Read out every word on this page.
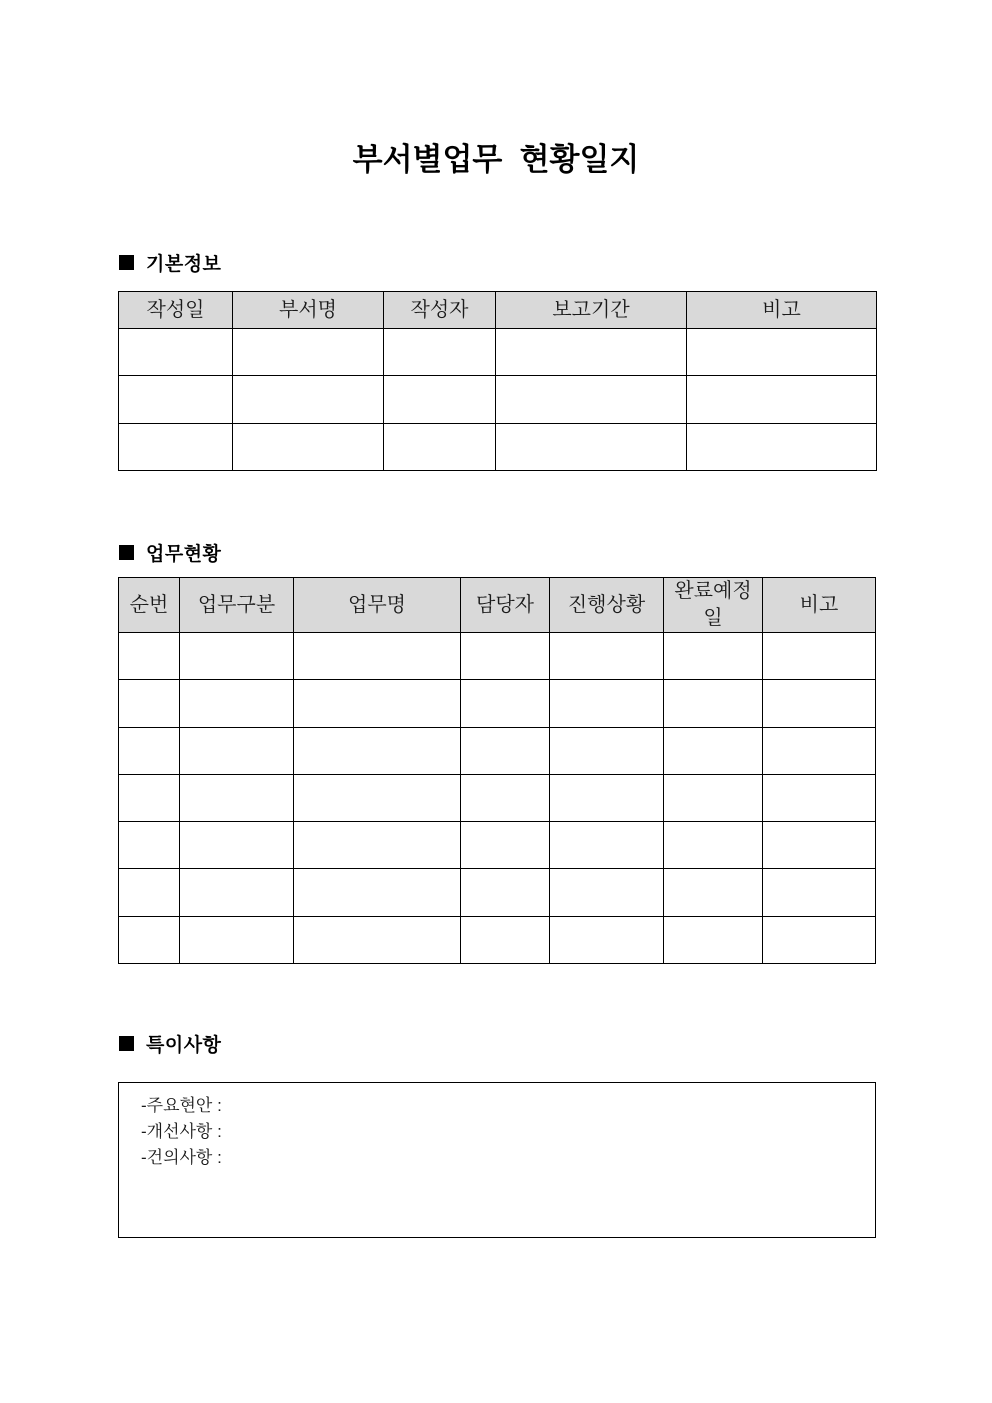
부서별업무  현황일지
기본정보
작성일	부서명	작성자	보고기간	비고

업무현황
순번	업무구분	업무명	담당자	진행상황	완료예정일	비고

특이사항
-주요현안 :
-개선사항 :
-건의사항 :
